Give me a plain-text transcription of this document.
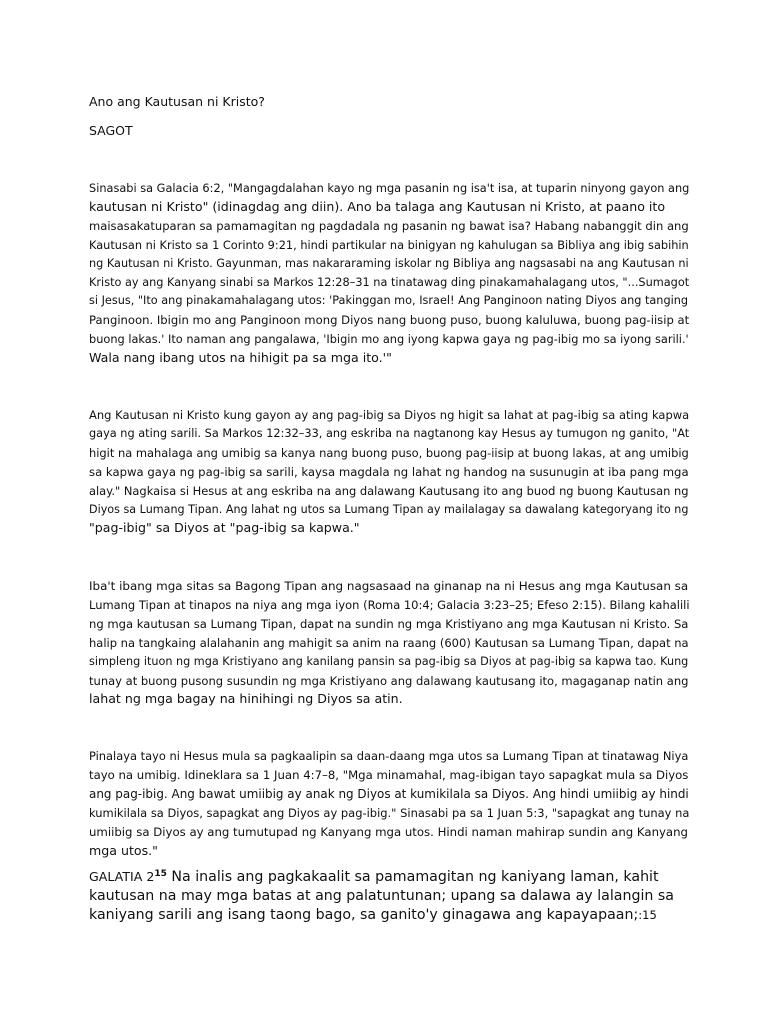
Ano ang Kautusan ni Kristo?

SAGOT

Sinasabi sa Galacia 6:2, "Mangagdalahan kayo ng mga pasanin ng isa't isa, at tuparin ninyong gayon ang
kautusan ni Kristo" (idinagdag ang diin). Ano ba talaga ang Kautusan ni Kristo, at paano ito
maisasakatuparan sa pamamagitan ng pagdadala ng pasanin ng bawat isa? Habang nabanggit din ang
Kautusan ni Kristo sa 1 Corinto 9:21, hindi partikular na binigyan ng kahulugan sa Bibliya ang ibig sabihin
ng Kautusan ni Kristo. Gayunman, mas nakararaming iskolar ng Bibliya ang nagsasabi na ang Kautusan ni
Kristo ay ang Kanyang sinabi sa Markos 12:28–31 na tinatawag ding pinakamahalagang utos, "...Sumagot
si Jesus, "Ito ang pinakamahalagang utos: 'Pakinggan mo, Israel! Ang Panginoon nating Diyos ang tanging
Panginoon. Ibigin mo ang Panginoon mong Diyos nang buong puso, buong kaluluwa, buong pag-iisip at
buong lakas.' Ito naman ang pangalawa, 'Ibigin mo ang iyong kapwa gaya ng pag-ibig mo sa iyong sarili.'
Wala nang ibang utos na hihigit pa sa mga ito.'"

Ang Kautusan ni Kristo kung gayon ay ang pag-ibig sa Diyos ng higit sa lahat at pag-ibig sa ating kapwa
gaya ng ating sarili. Sa Markos 12:32–33, ang eskriba na nagtanong kay Hesus ay tumugon ng ganito, "At
higit na mahalaga ang umibig sa kanya nang buong puso, buong pag-iisip at buong lakas, at ang umibig
sa kapwa gaya ng pag-ibig sa sarili, kaysa magdala ng lahat ng handog na susunugin at iba pang mga
alay." Nagkaisa si Hesus at ang eskriba na ang dalawang Kautusang ito ang buod ng buong Kautusan ng
Diyos sa Lumang Tipan. Ang lahat ng utos sa Lumang Tipan ay mailalagay sa dawalang kategoryang ito ng
"pag-ibig" sa Diyos at "pag-ibig sa kapwa."

Iba't ibang mga sitas sa Bagong Tipan ang nagsasaad na ginanap na ni Hesus ang mga Kautusan sa
Lumang Tipan at tinapos na niya ang mga iyon (Roma 10:4; Galacia 3:23–25; Efeso 2:15). Bilang kahalili
ng mga kautusan sa Lumang Tipan, dapat na sundin ng mga Kristiyano ang mga Kautusan ni Kristo. Sa
halip na tangkaing alalahanin ang mahigit sa anim na raang (600) Kautusan sa Lumang Tipan, dapat na
simpleng ituon ng mga Kristiyano ang kanilang pansin sa pag-ibig sa Diyos at pag-ibig sa kapwa tao. Kung
tunay at buong pusong susundin ng mga Kristiyano ang dalawang kautusang ito, magaganap natin ang
lahat ng mga bagay na hinihingi ng Diyos sa atin.

Pinalaya tayo ni Hesus mula sa pagkaalipin sa daan-daang mga utos sa Lumang Tipan at tinatawag Niya
tayo na umibig. Idineklara sa 1 Juan 4:7–8, "Mga minamahal, mag-ibigan tayo sapagkat mula sa Diyos
ang pag-ibig. Ang bawat umiibig ay anak ng Diyos at kumikilala sa Diyos. Ang hindi umiibig ay hindi
kumikilala sa Diyos, sapagkat ang Diyos ay pag-ibig." Sinasabi pa sa 1 Juan 5:3, "sapagkat ang tunay na
umiibig sa Diyos ay ang tumutupad ng Kanyang mga utos. Hindi naman mahirap sundin ang Kanyang
mga utos."

GALATIA $2^{15}$ Na inalis ang pagkakaalit sa pamamagitan ng kaniyang laman, kahit
kautusan na may mga batas at ang palatuntunan; upang sa dalawa ay lalangin sa
kaniyang sarili ang isang taong bago, sa ganito'y ginagawa ang kapayapaan;:15
